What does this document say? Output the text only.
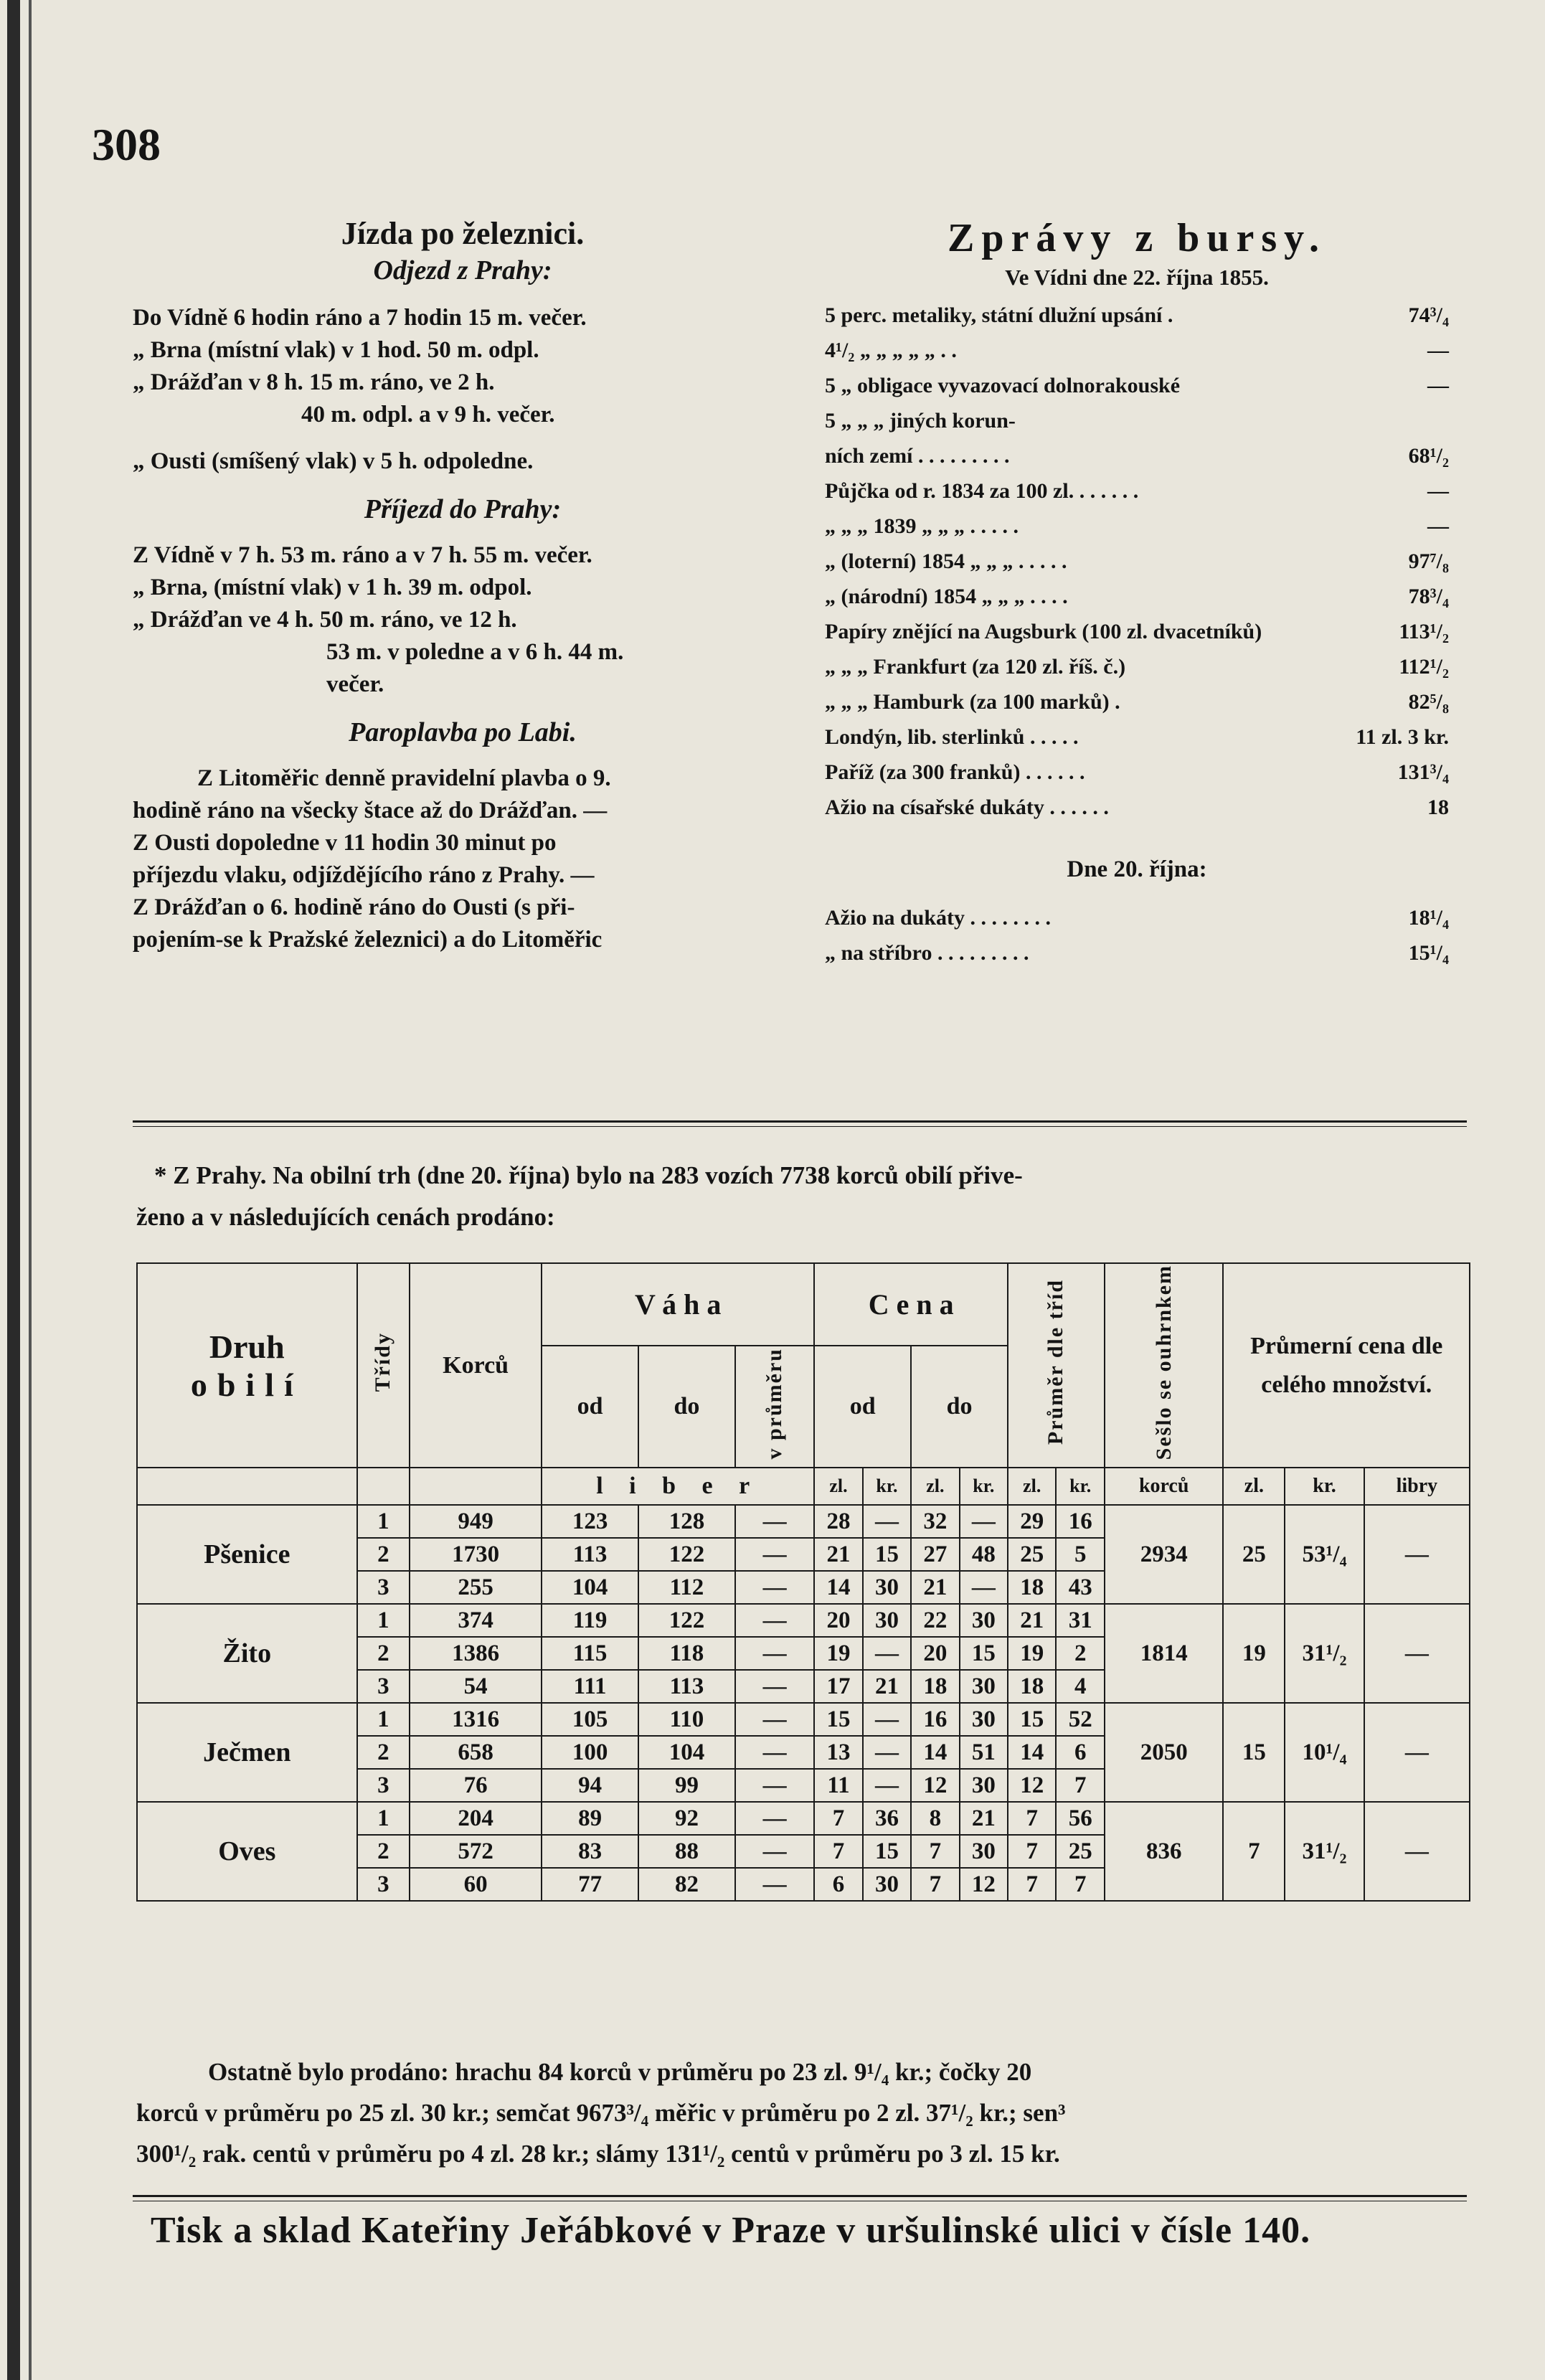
308
Jízda po železnici.
Odjezd z Prahy:
Do Vídně 6 hodin ráno a 7 hodin 15 m. večer.
„ Brna (místní vlak) v 1 hod. 50 m. odpl.
„ Drážďan v 8 h. 15 m. ráno, ve 2 h.
40 m. odpl. a v 9 h. večer.
„ Ousti (smíšený vlak) v 5 h. odpoledne.
Příjezd do Prahy:
Z Vídně v 7 h. 53 m. ráno a v 7 h. 55 m. večer.
„ Brna, (místní vlak) v 1 h. 39 m. odpol.
„ Drážďan ve 4 h. 50 m. ráno, ve 12 h.
53 m. v poledne a v 6 h. 44 m.
večer.
Paroplavba po Labi.
Z Litoměřic denně pravidelní plavba o 9.
hodině ráno na všecky štace až do Drážďan. —
Z Ousti dopoledne v 11 hodin 30 minut po
příjezdu vlaku, odjíždějícího ráno z Prahy. —
Z Drážďan o 6. hodině ráno do Ousti (s při-
pojením-se k Pražské železnici) a do Litoměřic
Zprávy z bursy.
Ve Vídni dne 22. října 1855.
5 perc. metaliky, státní dlužní upsání .	74³/₄
4¹/₂ „ „ „ „ „ . .	—
5 „ obligace vyvazovací dolnorakouské	—
5 „ „ „ jiných korun-
ních zemí . . . . . . . . .	68¹/₂
Půjčka od r. 1834 za 100 zl. . . . . . .	—
„ „ „ 1839 „ „ „ . . . . .	—
„ (loterní) 1854 „ „ „ . . . . .	97⁷/₈
„ (národní) 1854 „ „ „ . . . .	78³/₄
Papíry znějící na Augsburk (100 zl. dvacetníků)	113¹/₂
„ „ „ Frankfurt (za 120 zl. říš. č.)	112¹/₂
„ „ „ Hamburk (za 100 marků) .	82⁵/₈
Londýn, lib. sterlinků . . . . .	11 zl. 3 kr.
Paříž (za 300 franků) . . . . . .	131³/₄
Ažio na císařské dukáty . . . . . .	18
Dne 20. října:
Ažio na dukáty . . . . . . . .	18¹/₄
„ na stříbro . . . . . . . . .	15¹/₄
* Z Prahy. Na obilní trh (dne 20. října) bylo na 283 vozích 7738 korců obilí přive-
ženo a v následujících cenách prodáno:
Druh
obilí	Třídy	Korců	V á h a			C e n a				Průměr dle tříd		Sešlo se ouhrnkem	Průmerní cena dle celého množství.		
			od	do	v průměru	od		do							
			l i b e r			zl.	kr.	zl.	kr.	zl.	kr.	korců	zl.	kr.	libry
Pšenice	1	949	123	128	—	28	—	32	—	29	16	2934	25	53¹/₄	—
	2	1730	113	122	—	21	15	27	48	25	5				
	3	255	104	112	—	14	30	21	—	18	43				
Žito	1	374	119	122	—	20	30	22	30	21	31	1814	19	31¹/₂	—
	2	1386	115	118	—	19	—	20	15	19	2				
	3	54	111	113	—	17	21	18	30	18	4				
Ječmen	1	1316	105	110	—	15	—	16	30	15	52	2050	15	10¹/₄	—
	2	658	100	104	—	13	—	14	51	14	6				
	3	76	94	99	—	11	—	12	30	12	7				
Oves	1	204	89	92	—	7	36	8	21	7	56	836	7	31¹/₂	—
	2	572	83	88	—	7	15	7	30	7	25				
	3	60	77	82	—	6	30	7	12	7	7				
Ostatně bylo prodáno: hrachu 84 korců v průměru po 23 zl. 9¹/₄ kr.; čočky 20
korců v průměru po 25 zl. 30 kr.; semčat 9673³/₄ měřic v průměru po 2 zl. 37¹/₂ kr.; sen³
300¹/₂ rak. centů v průměru po 4 zl. 28 kr.; slámy 131¹/₂ centů v průměru po 3 zl. 15 kr.
Tisk a sklad Kateřiny Jeřábkové v Praze v uršulinské ulici v čísle 140.
